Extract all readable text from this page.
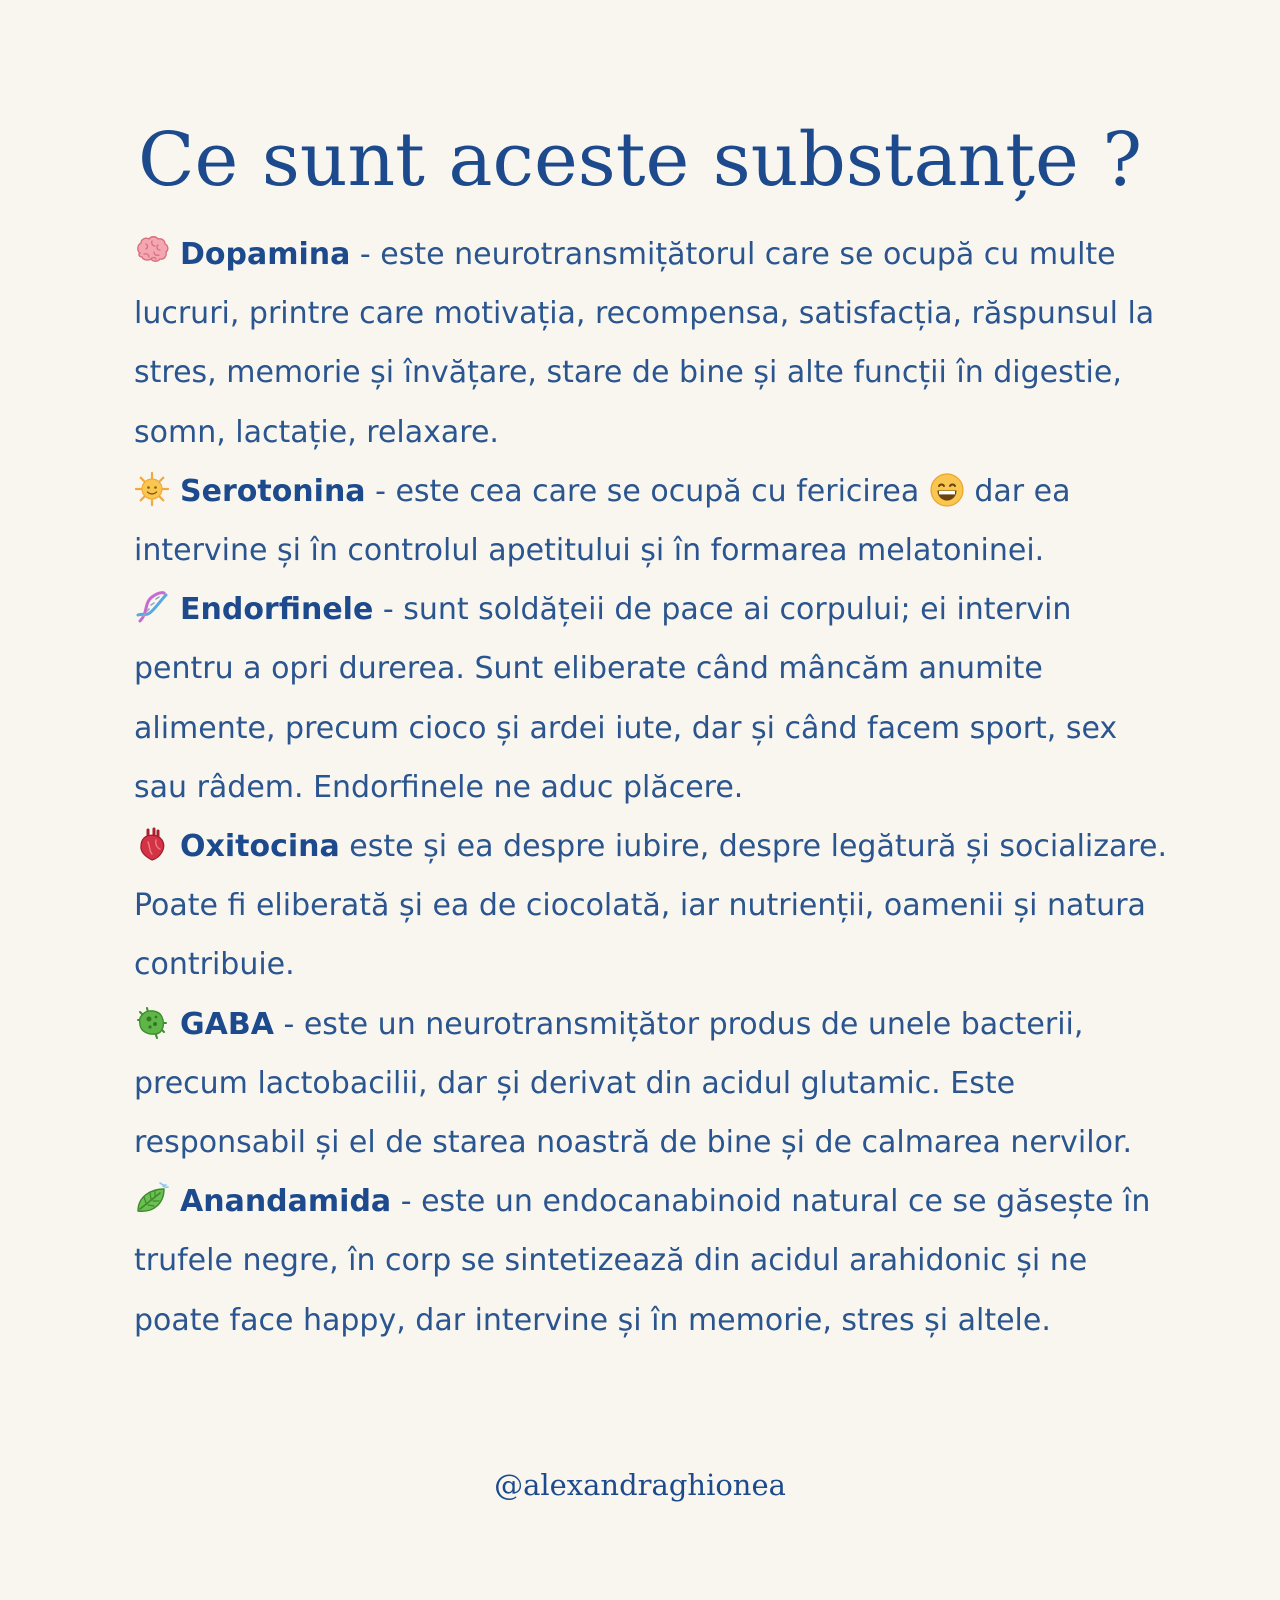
Ce sunt aceste substanțe ?

Dopamina - este neurotransmițătorul care se ocupă cu multe lucruri, printre care motivația, recompensa, satisfacția, răspunsul la stres, memorie și învățare, stare de bine și alte funcții în digestie, somn, lactație, relaxare.

Serotonina - este cea care se ocupă cu fericirea  dar ea intervine și în controlul apetitului și în formarea melatoninei.

Endorfinele - sunt soldățeii de pace ai corpului; ei intervin pentru a opri durerea. Sunt eliberate când mâncăm anumite alimente, precum cioco și ardei iute, dar și când facem sport, sex sau râdem. Endorfinele ne aduc plăcere.

Oxitocina este și ea despre iubire, despre legătură și socializare. Poate fi eliberată și ea de ciocolată, iar nutrienții, oamenii și natura contribuie.

GABA - este un neurotransmițător produs de unele bacterii, precum lactobacilii, dar și derivat din acidul glutamic. Este responsabil și el de starea noastră de bine și de calmarea nervilor.

Anandamida - este un endocanabinoid natural ce se găsește în trufele negre, în corp se sintetizează din acidul arahidonic și ne poate face happy, dar intervine și în memorie, stres și altele.

@alexandraghionea
